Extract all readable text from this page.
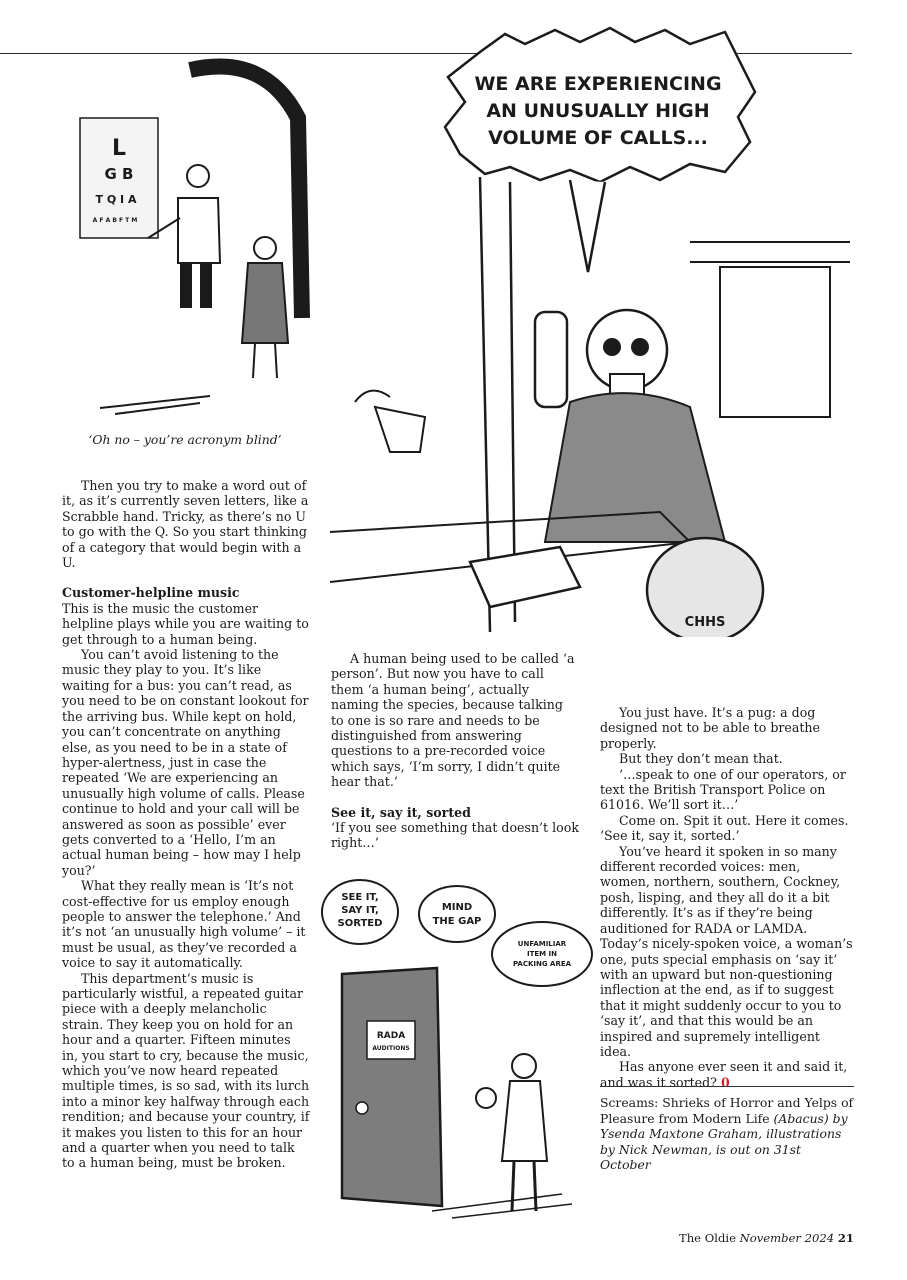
L
G B
T Q I A
A F A B F T M
‘Oh no – you’re acronym blind’
WE ARE EXPERIENCING
AN UNUSUALLY HIGH
VOLUME OF CALLS...
CHHS
SEE IT,
SAY IT,
SORTED
MIND
THE GAP
UNFAMILIAR
ITEM IN
PACKING AREA
RADA
AUDITIONS

Then you try to make a word out of it, as it’s currently seven letters, like a Scrabble hand. Tricky, as there’s no U to go with the Q. So you start thinking of a category that would begin with a U.

Customer-helpline music

This is the music the customer helpline plays while you are waiting to get through to a human being.

You can’t avoid listening to the music they play to you. It’s like waiting for a bus: you can’t read, as you need to be on constant lookout for the arriving bus. While kept on hold, you can’t concentrate on anything else, as you need to be in a state of hyper-alertness, just in case the repeated ‘We are experiencing an unusually high volume of calls. Please continue to hold and your call will be answered as soon as possible’ ever gets converted to a ‘Hello, I’m an actual human being – how may I help you?’

What they really mean is ‘It’s not cost-effective for us employ enough people to answer the telephone.’ And it’s not ‘an unusually high volume’ – it must be usual, as they’ve recorded a voice to say it automatically.

This department’s music is particularly wistful, a repeated guitar piece with a deeply melancholic strain. They keep you on hold for an hour and a quarter. Fifteen minutes in, you start to cry, because the music, which you’ve now heard repeated multiple times, is so sad, with its lurch into a minor key halfway through each rendition; and because your country, if it makes you listen to this for an hour and a quarter when you need to talk to a human being, must be broken.

A human being used to be called ‘a person’. But now you have to call them ‘a human being’, actually naming the species, because talking to one is so rare and needs to be distinguished from answering questions to a pre-recorded voice which says, ‘I’m sorry, I didn’t quite hear that.’

See it, say it, sorted

‘If you see something that doesn’t look right…’

You just have. It’s a pug: a dog designed not to be able to breathe properly.

But they don’t mean that.

‘…speak to one of our operators, or text the British Transport Police on 61016. We’ll sort it…’

Come on. Spit it out. Here it comes. ‘See it, say it, sorted.’

You’ve heard it spoken in so many different recorded voices: men, women, northern, southern, Cockney, posh, lisping, and they all do it a bit differently. It’s as if they’re being auditioned for RADA or LAMDA. Today’s nicely-spoken voice, a woman’s one, puts special emphasis on ‘say it’ with an upward but non-questioning inflection at the end, as if to suggest that it might suddenly occur to you to ‘say it’, and that this would be an inspired and supremely intelligent idea.

Has anyone ever seen it and said it, and was it sorted? 0

Screams: Shrieks of Horror and Yelps of Pleasure from Modern Life (Abacus) by Ysenda Maxtone Graham, illustrations by Nick Newman, is out on 31st October
The Oldie November 2024 21
